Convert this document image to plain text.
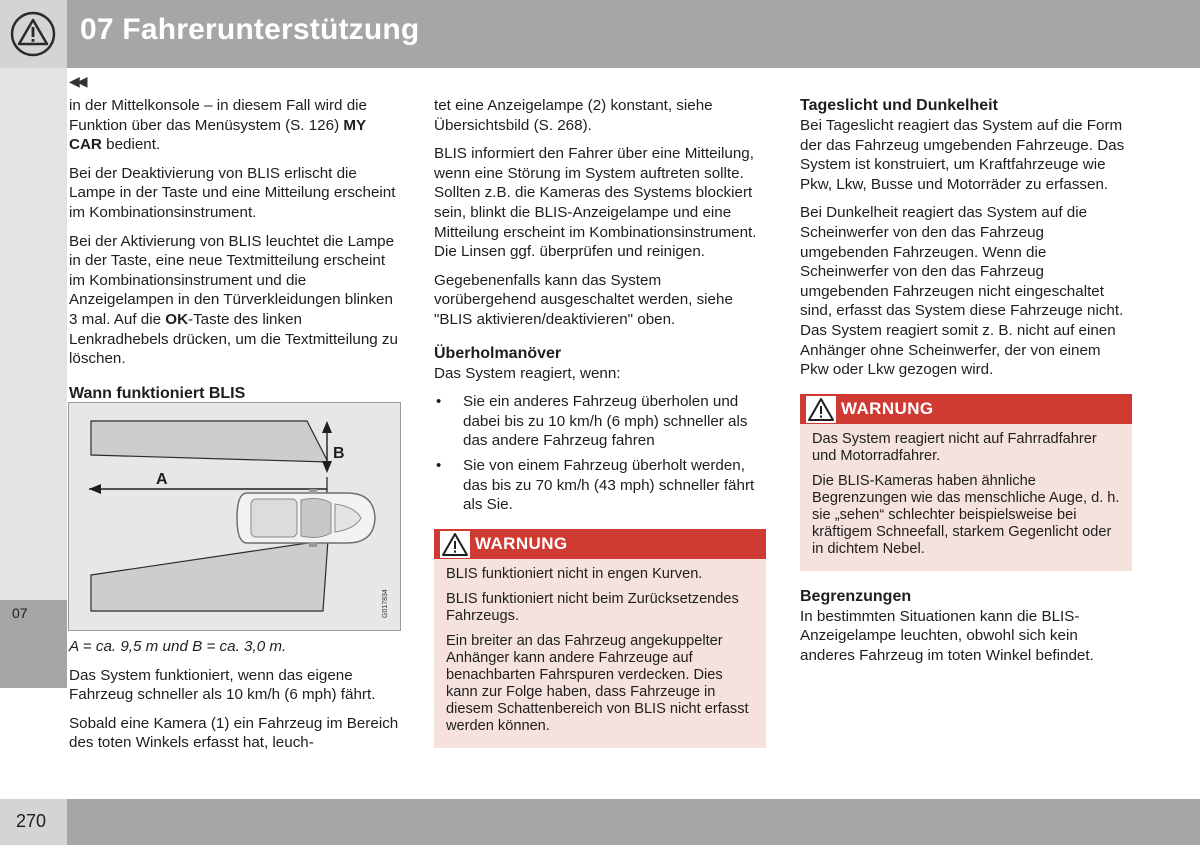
07 Fahrerunterstützung
07
270
◀◀

in der Mittelkonsole – in diesem Fall wird die Funktion über das Menüsystem (S. 126) MY CAR bedient.

Bei der Deaktivierung von BLIS erlischt die Lampe in der Taste und eine Mitteilung erscheint im Kombinationsinstrument.

Bei der Aktivierung von BLIS leuchtet die Lampe in der Taste, eine neue Textmitteilung erscheint im Kombinationsinstrument und die Anzeigelampen in den Türverkleidungen blinken 3 mal. Auf die OK-Taste des linken Lenkradhebels drücken, um die Textmitteilung zu löschen.

Wann funktioniert BLIS
B
A
G017834

A = ca. 9,5 m und B = ca. 3,0 m.

Das System funktioniert, wenn das eigene Fahrzeug schneller als 10 km/h (6 mph) fährt.

Sobald eine Kamera (1) ein Fahrzeug im Bereich des toten Winkels erfasst hat, leuch-

tet eine Anzeigelampe (2) konstant, siehe Übersichtsbild (S. 268).

BLIS informiert den Fahrer über eine Mitteilung, wenn eine Störung im System auftreten sollte. Sollten z.B. die Kameras des Systems blockiert sein, blinkt die BLIS-Anzeigelampe und eine Mitteilung erscheint im Kombinationsinstrument. Die Linsen ggf. überprüfen und reinigen.

Gegebenenfalls kann das System vorübergehend ausgeschaltet werden, siehe "BLIS aktivieren/deaktivieren" oben.

Überholmanöver

Das System reagiert, wenn:

• Sie ein anderes Fahrzeug überholen und dabei bis zu 10 km/h (6 mph) schneller als das andere Fahrzeug fahren
• Sie von einem Fahrzeug überholt werden, das bis zu 70 km/h (43 mph) schneller fährt als Sie.
WARNUNG

BLIS funktioniert nicht in engen Kurven.

BLIS funktioniert nicht beim Zurücksetzendes Fahrzeugs.

Ein breiter an das Fahrzeug angekuppelter Anhänger kann andere Fahrzeuge auf benachbarten Fahrspuren verdecken. Dies kann zur Folge haben, dass Fahrzeuge in diesem Schattenbereich von BLIS nicht erfasst werden können.

Tageslicht und Dunkelheit

Bei Tageslicht reagiert das System auf die Form der das Fahrzeug umgebenden Fahrzeuge. Das System ist konstruiert, um Kraftfahrzeuge wie Pkw, Lkw, Busse und Motorräder zu erfassen.

Bei Dunkelheit reagiert das System auf die Scheinwerfer von den das Fahrzeug umgebenden Fahrzeugen. Wenn die Scheinwerfer von den das Fahrzeug umgebenden Fahrzeugen nicht eingeschaltet sind, erfasst das System diese Fahrzeuge nicht. Das System reagiert somit z. B. nicht auf einen Anhänger ohne Scheinwerfer, der von einem Pkw oder Lkw gezogen wird.

WARNUNG

Das System reagiert nicht auf Fahrradfahrer und Motorradfahrer.

Die BLIS-Kameras haben ähnliche Begrenzungen wie das menschliche Auge, d. h. sie „sehen“ schlechter beispielsweise bei kräftigem Schneefall, starkem Gegenlicht oder in dichtem Nebel.

Begrenzungen

In bestimmten Situationen kann die BLIS-Anzeigelampe leuchten, obwohl sich kein anderes Fahrzeug im toten Winkel befindet.
